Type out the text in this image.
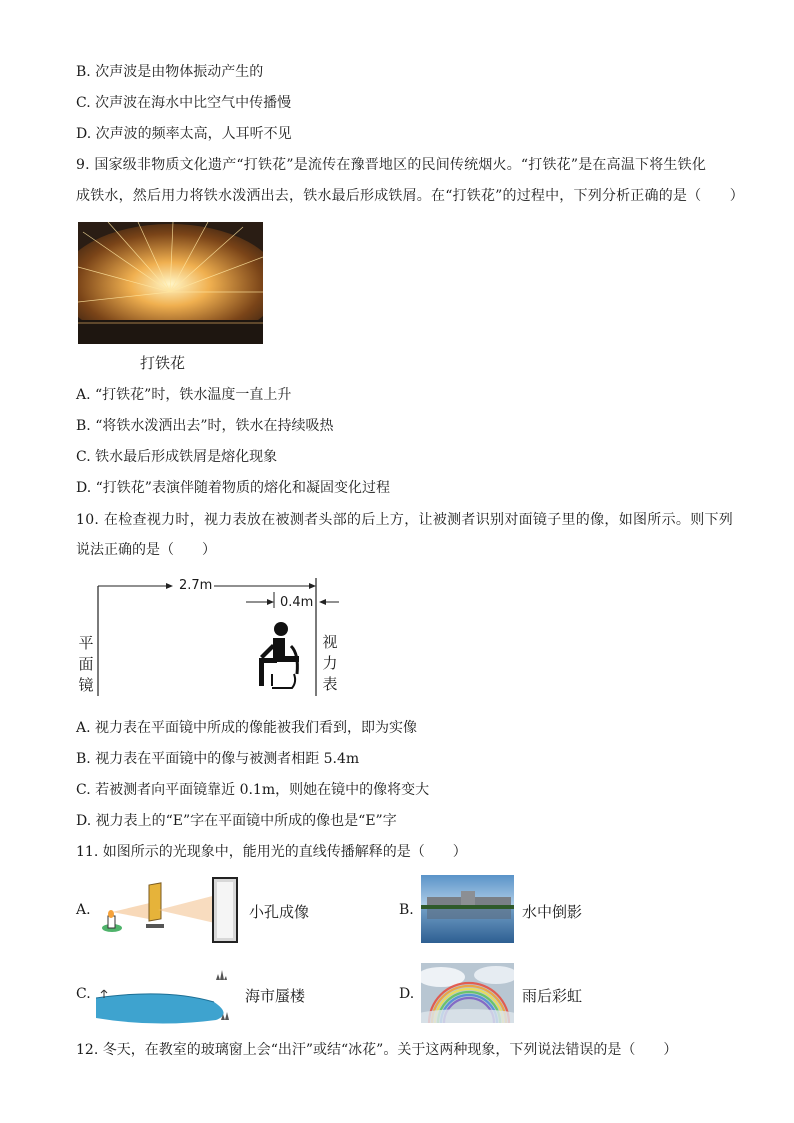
B. 次声波是由物体振动产生的
C. 次声波在海水中比空气中传播慢
D. 次声波的频率太高，人耳听不见
9. 国家级非物质文化遗产“打铁花”是流传在豫晋地区的民间传统烟火。“打铁花”是在高温下将生铁化
成铁水，然后用力将铁水泼洒出去，铁水最后形成铁屑。在“打铁花”的过程中，下列分析正确的是（　　）
打铁花
A. “打铁花”时，铁水温度一直上升
B. “将铁水泼洒出去”时，铁水在持续吸热
C. 铁水最后形成铁屑是熔化现象
D. “打铁花”表演伴随着物质的熔化和凝固变化过程
10. 在检查视力时，视力表放在被测者头部的后上方，让被测者识别对面镜子里的像，如图所示。则下列
说法正确的是（　　）
2.7m
0.4m
平
面
镜
视
力
表
A. 视力表在平面镜中所成的像能被我们看到，即为实像
B. 视力表在平面镜中的像与被测者相距 5.4m
C. 若被测者向平面镜靠近 0.1m，则她在镜中的像将变大
D. 视力表上的“E”字在平面镜中所成的像也是“E”字
11. 如图所示的光现象中，能用光的直线传播解释的是（　　）
A.	小孔成像	B.	水中倒影
C.	海市蜃楼	D.	雨后彩虹
12. 冬天，在教室的玻璃窗上会“出汗”或结“冰花”。关于这两种现象，下列说法错误的是（　　）
